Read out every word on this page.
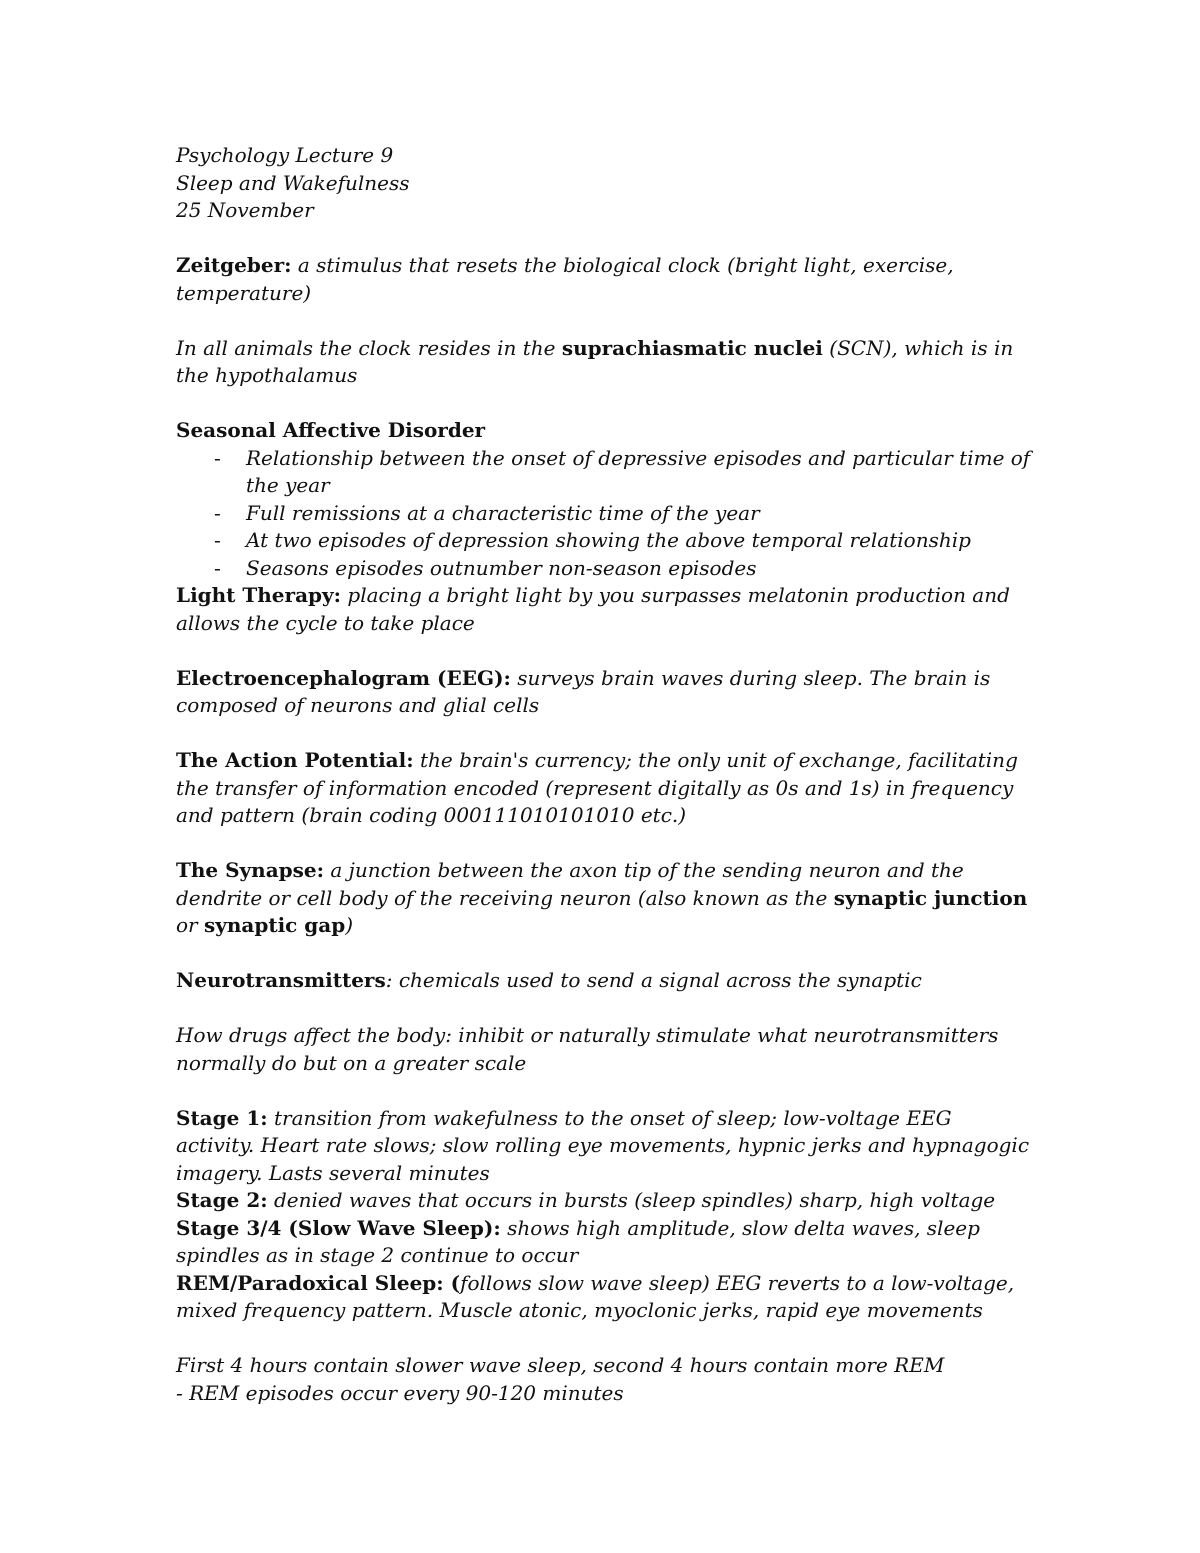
Psychology Lecture 9

Sleep and Wakefulness

25 November

Zeitgeber: a stimulus that resets the biological clock (bright light, exercise, temperature)

In all animals the clock resides in the suprachiasmatic nuclei (SCN), which is in the hypothalamus

Seasonal Affective Disorder

- Relationship between the onset of depressive episodes and particular time of the year
- Full remissions at a characteristic time of the year
- At two episodes of depression showing the above temporal relationship
- Seasons episodes outnumber non-season episodes

Light Therapy: placing a bright light by you surpasses melatonin production and allows the cycle to take place

Electroencephalogram (EEG): surveys brain waves during sleep. The brain is composed of neurons and glial cells

The Action Potential: the brain's currency; the only unit of exchange, facilitating the transfer of information encoded (represent digitally as 0s and 1s) in frequency and pattern (brain coding 000111010101010 etc.)

The Synapse: a junction between the axon tip of the sending neuron and the dendrite or cell body of the receiving neuron (also known as the synaptic junction or synaptic gap)

Neurotransmitters: chemicals used to send a signal across the synaptic

How drugs affect the body: inhibit or naturally stimulate what neurotransmitters normally do but on a greater scale

Stage 1: transition from wakefulness to the onset of sleep; low-voltage EEG activity. Heart rate slows; slow rolling eye movements, hypnic jerks and hypnagogic imagery. Lasts several minutes

Stage 2: denied waves that occurs in bursts (sleep spindles) sharp, high voltage

Stage 3/4 (Slow Wave Sleep): shows high amplitude, slow delta waves, sleep spindles as in stage 2 continue to occur

REM/Paradoxical Sleep: (follows slow wave sleep) EEG reverts to a low-voltage, mixed frequency pattern. Muscle atonic, myoclonic jerks, rapid eye movements

First 4 hours contain slower wave sleep, second 4 hours contain more REM

- REM episodes occur every 90-120 minutes
